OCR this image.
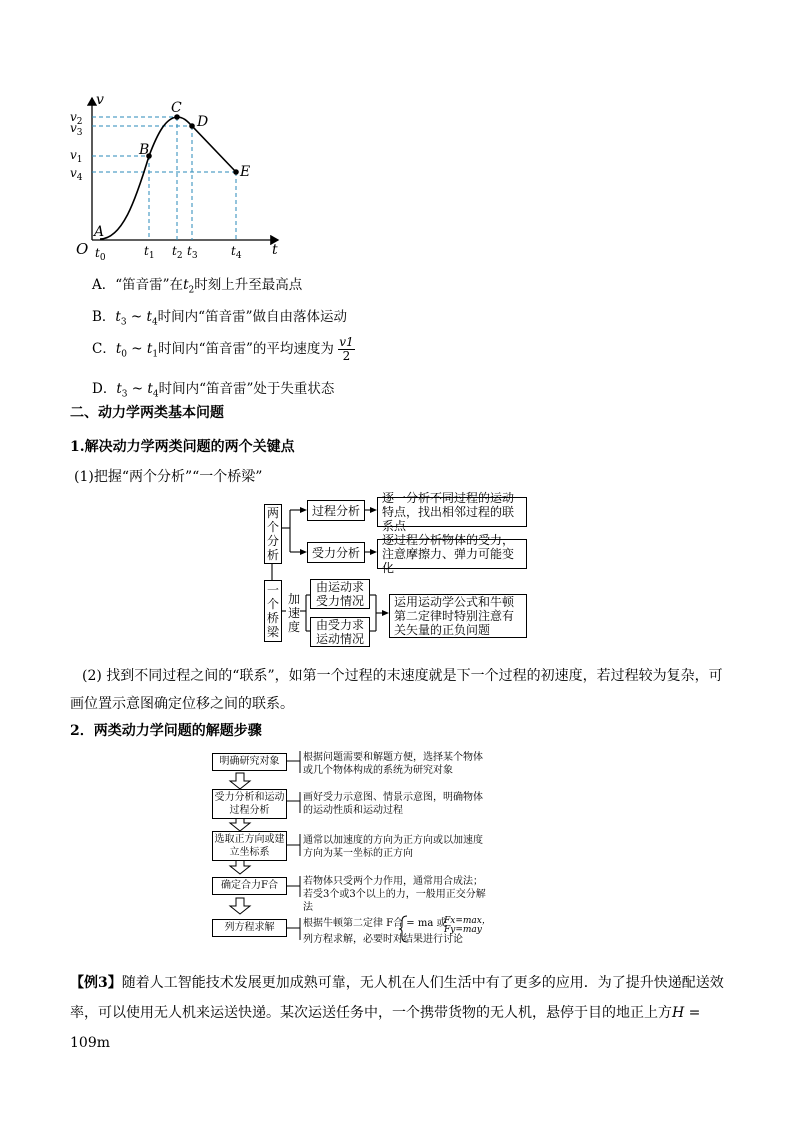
v
t
A
B
C
D
E
O
$v_2$
$v_3$
$v_1$
$v_4$
$t_0$	$t_1$ $t_2$ $t_3$	$t_4$
A．“笛音雷”在$t_2$时刻上升至最高点
B．$t_3$ ~ $t_4$时间内“笛音雷”做自由落体运动
C．$t_0$ ~ $t_1$时间内“笛音雷”的平均速度为 $\frac{v1}{2}$
D．$t_3$ ~ $t_4$时间内“笛音雷”处于失重状态
二、动力学两类基本问题
1.解决动力学两类问题的两个关键点
(1)把握“两个分析”“一个桥梁”
两个分析
一个桥梁
加速度
过程分析
受力分析
逐一分析不同过程的运动特点，找出相邻过程的联系点
逐过程分析物体的受力，注意摩擦力、弹力可能变化
由运动求受力情况
由受力求运动情况
运用运动学公式和牛顿第二定律时特别注意有关矢量的正负问题
(2) 找到不同过程之间的“联系”，如第一个过程的末速度就是下一个过程的初速度，若过程较为复杂，可画位置示意图确定位移之间的联系。
2．两类动力学问题的解题步骤
明确研究对象
受力分析和运动过程分析
选取正方向或建立坐标系
确定合力F合
列方程求解
根据问题需要和解题方便，选择某个物体或几个物体构成的系统为研究对象
画好受力示意图、情景示意图，明确物体的运动性质和运动过程
通常以加速度的方向为正方向或以加速度方向为某一坐标的正方向
若物体只受两个力作用，通常用合成法；若受3个或3个以上的力，一般用正交分解法
根据牛顿第二定律 F合 = ma 或
列方程求解，必要时对结果进行讨论
Fx=max，
Fy=may
【例3】随着人工智能技术发展更加成熟可靠，无人机在人们生活中有了更多的应用．为了提升快递配送效率，可以使用无人机来运送快递。某次运送任务中，一个携带货物的无人机，悬停于目的地正上方H = 109m
